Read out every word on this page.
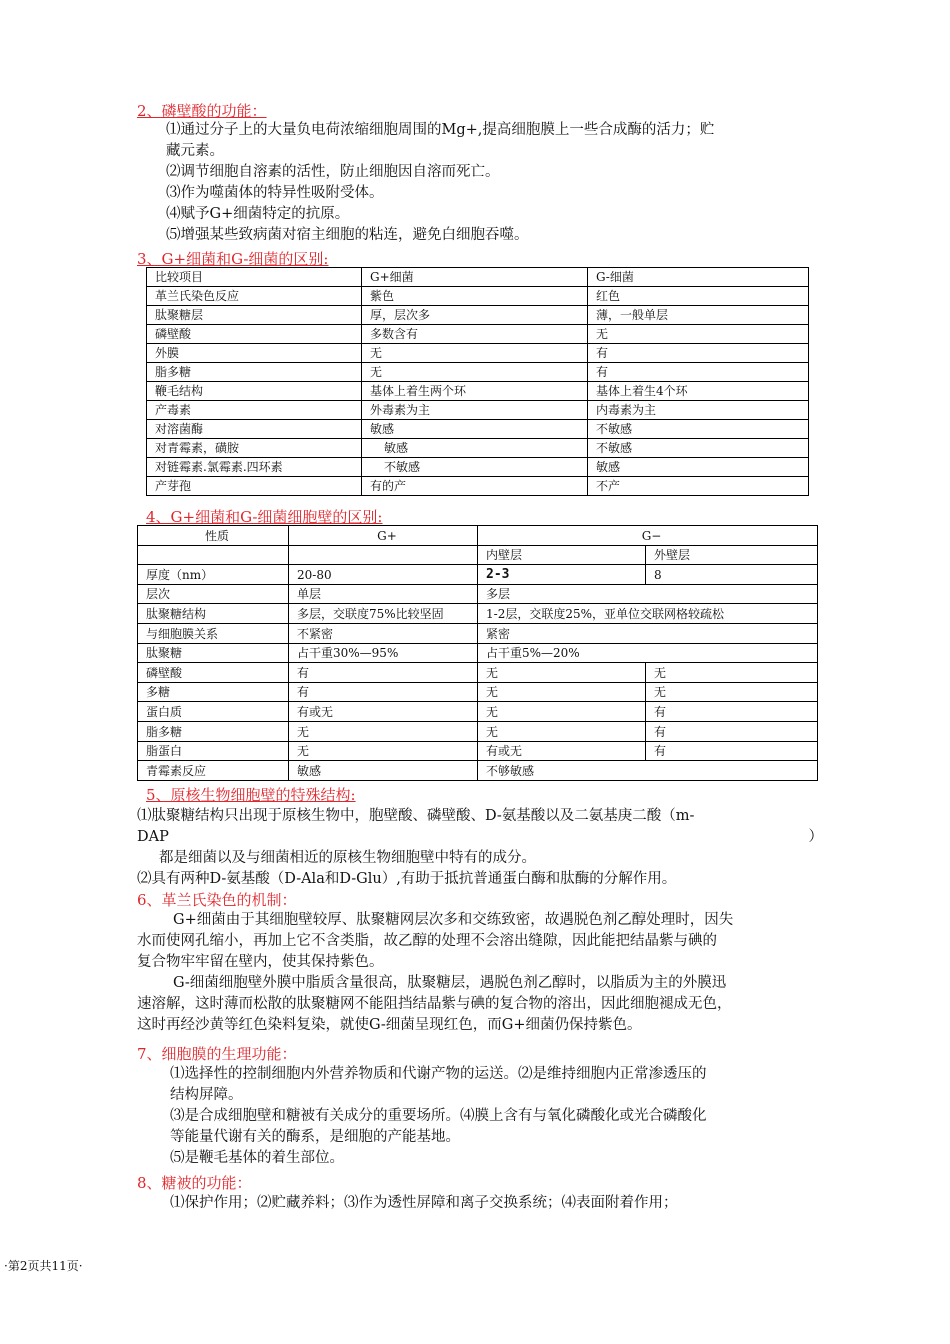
2、磷壁酸的功能：

⑴通过分子上的大量负电荷浓缩细胞周围的Mg+,提高细胞膜上一些合成酶的活力；贮

藏元素。

⑵调节细胞自溶素的活性，防止细胞因自溶而死亡。

⑶作为噬菌体的特异性吸附受体。

⑷赋予G+细菌特定的抗原。

⑸增强某些致病菌对宿主细胞的粘连，避免白细胞吞噬。

3、G+细菌和G-细菌的区别:
比较项目	G+细菌	G-细菌
革兰氏染色反应	紫色	红色
肽聚糖层	厚，层次多	薄，一般单层
磷壁酸	多数含有	无
外膜	无	有
脂多糖	无	有
鞭毛结构	基体上着生两个环	基体上着生4个环
产毒素	外毒素为主	内毒素为主
对溶菌酶	敏感	不敏感
对青霉素，磺胺	敏感	不敏感
对链霉素.氯霉素.四环素	不敏感	敏感
产芽孢	有的产	不产
4、G+细菌和G-细菌细胞壁的区别:
性质	G+	G−	
		内壁层	外壁层
厚度（nm）	20-80	2-3	8
层次	单层	多层	
肽聚糖结构	多层，交联度75%比较坚固	1-2层，交联度25%，亚单位交联网格较疏松	
与细胞膜关系	不紧密	紧密	
肽聚糖	占干重30%—95%	占干重5%—20%	
磷壁酸	有	无	无
多糖	有	无	无
蛋白质	有或无	无	有
脂多糖	无	无	有
脂蛋白	无	有或无	有
青霉素反应	敏感	不够敏感	
5、原核生物细胞壁的特殊结构:

⑴肽聚糖结构只出现于原核生物中，胞壁酸、磷壁酸、D-氨基酸以及二氨基庚二酸（m-

DAP	）

都是细菌以及与细菌相近的原核生物细胞壁中特有的成分。

⑵具有两种D-氨基酸（D-Ala和D-Glu）,有助于抵抗普通蛋白酶和肽酶的分解作用。

6、革兰氏染色的机制：

G+细菌由于其细胞壁较厚、肽聚糖网层次多和交练致密，故遇脱色剂乙醇处理时，因失

水而使网孔缩小，再加上它不含类脂，故乙醇的处理不会溶出缝隙，因此能把结晶紫与碘的

复合物牢牢留在壁内，使其保持紫色。

G-细菌细胞壁外膜中脂质含量很高，肽聚糖层，遇脱色剂乙醇时，以脂质为主的外膜迅

速溶解，这时薄而松散的肽聚糖网不能阻挡结晶紫与碘的复合物的溶出，因此细胞褪成无色，

这时再经沙黄等红色染料复染，就使G-细菌呈现红色，而G+细菌仍保持紫色。

7、细胞膜的生理功能：

⑴选择性的控制细胞内外营养物质和代谢产物的运送。⑵是维持细胞内正常渗透压的

结构屏障。

⑶是合成细胞壁和糖被有关成分的重要场所。⑷膜上含有与氧化磷酸化或光合磷酸化

等能量代谢有关的酶系，是细胞的产能基地。

⑸是鞭毛基体的着生部位。

8、糖被的功能：

⑴保护作用；⑵贮藏养料；⑶作为透性屏障和离子交换系统；⑷表面附着作用；

·第2页共11页·
